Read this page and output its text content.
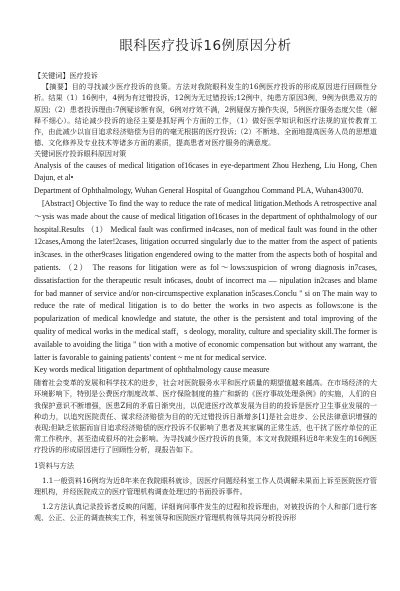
眼科医疗投诉16例原因分析

【关键词】医疗投诉

【摘要】目的寻找减少医疗投诉的良策。方法对我院眼科发生的16例医疗投诉的形成原因进行回顾性分析。结果（1）16例中，4例为有过错投诉，12例为无过错投诉;12例中，纯患方原因3例，9例为供患双方的原因;（2）患者投诉理由:7例疑诊断有误，6例对疗效不满，2例疑保方操作失误，5例医疗服务态度欠佳（解释不细心）。结论减少投诉的途径主要是抓好两个方面的工作，（1）做好医学知识和医疗法规的宣传教育工作，由此减少以盲目追求经济赔偿为目的的毫无根据的医疗投诉;（2）不断地、全面地提高医务人员的思想道德、文化修养及专业技术等诸多方面的素质，提高患者对医疗服务的满意度。

关键词医疗投诉眼科原因对策

Analysis of the causes of medical litigation of16cases in eye-department Zhou Hezheng, Liu Hong, Chen Dajun, et al•

Department of Ophthalmology, Wuhan General Hospital of Guangzhou Command PLA, Wuhan430070.

[Abstract] Objective To find the way to reduce the rate of medical litigation.Methods A retrospective anal～ysis was made about the cause of medical litigation of16cases in the department of ophthalmology of our hospital.Results （1） Medical fault was confirmed in4cases, non of medical fault was found in the other 12cases,Among the later!2cases, litigation occurred singularly due to the matter from the aspect of patients in3cases. in the other9cases litigation engendered owing to the matter from the aspects both of hospital and patients. （2） The reasons for litigation were as fol～lows:suspicion of wrong diagnosis in7cases, dissatisfaction for the therapeutic result in6cases, doubt of incorrect ma — nipulation in2cases and blame for bad manner of service and/or non-circumspective explanation in5cases.Conclu " si on The main way to reduce the rate of medical litigation is to do better the works in two aspects as follows:one is the popularization of medical knowledge and statute, the other is the persistent and total improving of the quality of medical works in the medical staff，s deology, morality, culture and speciality skill.The former is available to avoiding the litiga " tion with a motive of economic compensation but without any warrant, the latter is favorable to gaining patients' content ~ me nt for medical service.

Key words medical litigation department of ophthalmology cause measure

随着社会变革的发展和科学技术的进步，社会对医院服务水平和医疗质量的期望值越来越高。在市场经济的大环境影响下，特别是公费医疗制度改革、医疗保险制度的推广和新的《医疗事故处理条例》的实施，人们的自我保护意识不断增强，医患Z间的矛盾日渐突出，以促进医疗改革发展为目的的投诉是医疗卫生事业发展的一种动力，以追究医院责任、谋求经济赔偿为目的的无过错投诉日渐增多[1]是社会进步、公民法律意识增强的表现;但缺乏依据而盲目追求经济赔偿的医疗投诉不仅影响了患者及其家属的正常生活，也干扰了医疗单位的正常工作秩序，甚至造成很坏的社会影响。为寻找减少医疗投诉的良策，本文对我院眼科近8年来发生的16例医疗投诉的形成原因进行了回顾性分析，现报告如下。

1资料与方法

1.1一般资料16例均为近8年来在我院眼科就诊，因医疗问题经科室工作人员调解未果而上诉至医院医疗管理机构，并经医院成立的医疗管理机构调查处理过的书面投诉事件。

1.2方法认真记录投诉者反映的问题，详细询问事件发生的过程和投诉理由，对被投诉的个人和部门进行客观、公正、公正的调查核实工作，科室领导和医院医疗管理机构领导共同分析投诉形
